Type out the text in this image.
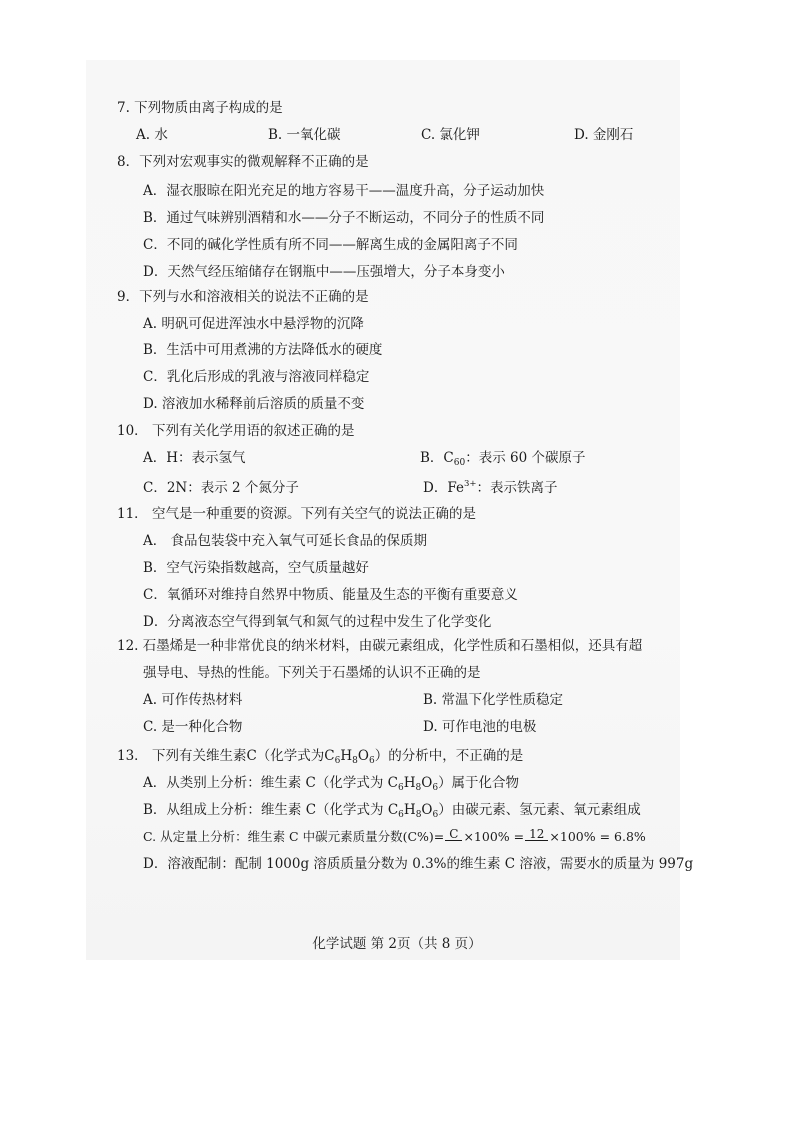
7. 下列物质由离子构成的是
A. 水	B. 一氧化碳	C. 氯化钾	D. 金刚石
8．下列对宏观事实的微观解释不正确的是
A．湿衣服晾在阳光充足的地方容易干——温度升高，分子运动加快
B．通过气味辨别酒精和水——分子不断运动，不同分子的性质不同
C．不同的碱化学性质有所不同——解离生成的金属阳离子不同
D．天然气经压缩储存在钢瓶中——压强增大，分子本身变小
9．下列与水和溶液相关的说法不正确的是
A. 明矾可促进浑浊水中悬浮物的沉降
B．生活中可用煮沸的方法降低水的硬度
C．乳化后形成的乳液与溶液同样稳定
D. 溶液加水稀释前后溶质的质量不变
10． 下列有关化学用语的叙述正确的是
A．H：表示氢气	B．$C_{60}$：表示 60 个碳原子
C．2N：表示 2 个氮分子	D．$Fe^{3+}$：表示铁离子
11． 空气是一种重要的资源。下列有关空气的说法正确的是
A． 食品包装袋中充入氧气可延长食品的保质期
B．空气污染指数越高，空气质量越好
C．氧循环对维持自然界中物质、能量及生态的平衡有重要意义
D．分离液态空气得到氧气和氮气的过程中发生了化学变化
12. 石墨烯是一种非常优良的纳米材料，由碳元素组成，化学性质和石墨相似，还具有超
强导电、导热的性能。下列关于石墨烯的认识不正确的是
A. 可作传热材料	B. 常温下化学性质稳定
C. 是一种化合物	D. 可作电池的电极
13． 下列有关维生素C（化学式为$C_6H_8O_6$）的分析中，不正确的是
A．从类别上分析：维生素 C（化学式为 $C_6H_8O_6$）属于化合物
B．从组成上分析：维生素 C（化学式为 $C_6H_8O_6$）由碳元素、氢元素、氧元素组成
C. 从定量上分析：维生素 C 中碳元素质量分数(C%)= C
×100% = 12
×100% = 6.8%
D．溶液配制：配制 1000g 溶质质量分数为 0.3%的维生素 C 溶液，需要水的质量为 997g
化学试题 第 2页（共 8 页）
